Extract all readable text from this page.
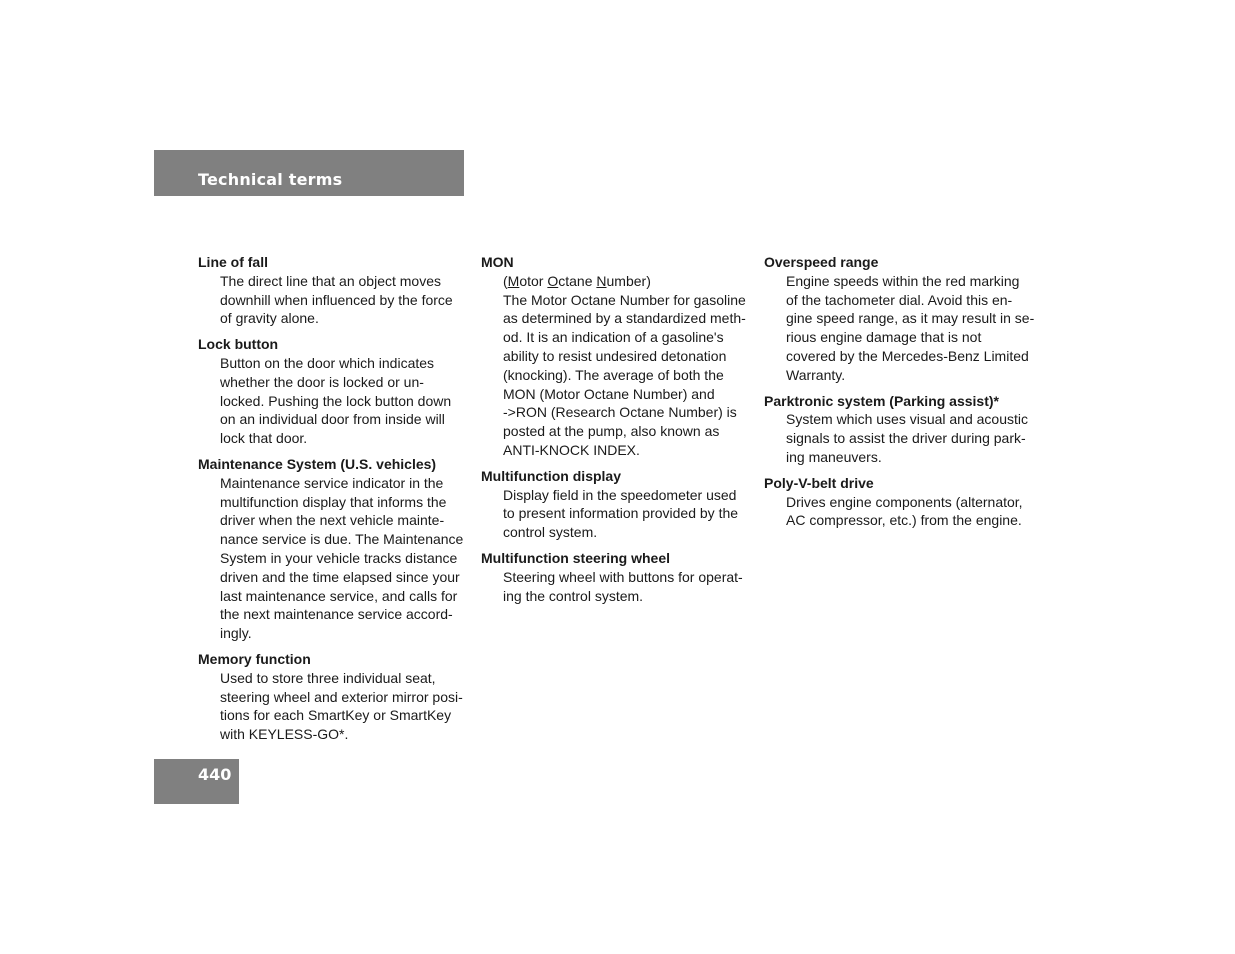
Technical terms
Line of fall
The direct line that an object moves
downhill when influenced by the force
of gravity alone.
Lock button
Button on the door which indicates
whether the door is locked or un-
locked. Pushing the lock button down
on an individual door from inside will
lock that door.
Maintenance System (U.S. vehicles)
Maintenance service indicator in the
multifunction display that informs the
driver when the next vehicle mainte-
nance service is due. The Maintenance
System in your vehicle tracks distance
driven and the time elapsed since your
last maintenance service, and calls for
the next maintenance service accord-
ingly.
Memory function
Used to store three individual seat,
steering wheel and exterior mirror posi-
tions for each SmartKey or SmartKey
with KEYLESS-GO*.
MON
(Motor Octane Number)
The Motor Octane Number for gasoline
as determined by a standardized meth-
od. It is an indication of a gasoline's
ability to resist undesired detonation
(knocking). The average of both the
MON (Motor Octane Number) and
->RON (Research Octane Number) is
posted at the pump, also known as
ANTI-KNOCK INDEX.
Multifunction display
Display field in the speedometer used
to present information provided by the
control system.
Multifunction steering wheel
Steering wheel with buttons for operat-
ing the control system.
Overspeed range
Engine speeds within the red marking
of the tachometer dial. Avoid this en-
gine speed range, as it may result in se-
rious engine damage that is not
covered by the Mercedes-Benz Limited
Warranty.
Parktronic system (Parking assist)*
System which uses visual and acoustic
signals to assist the driver during park-
ing maneuvers.
Poly-V-belt drive
Drives engine components (alternator,
AC compressor, etc.) from the engine.
440
